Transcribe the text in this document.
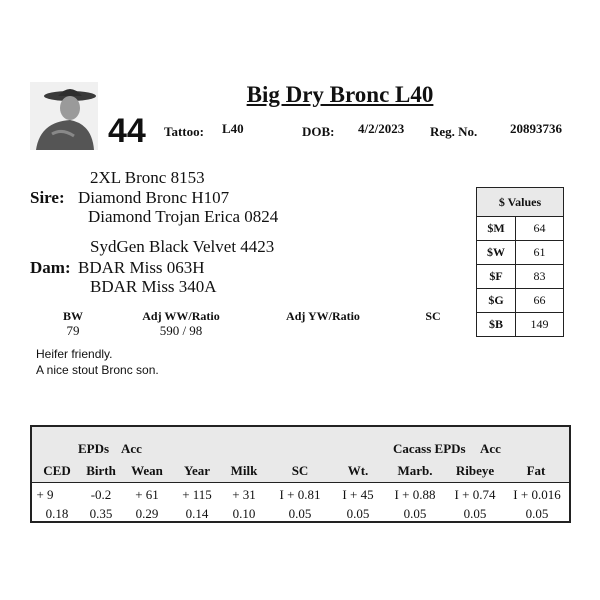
Big Dry Bronc L40
44 Tattoo: L40	DOB: 4/2/2023 Reg. No.	20893736
2XL Bronc 8153
Sire: Diamond Bronc H107
Diamond Trojan Erica 0824
SydGen Black Velvet 4423
Dam: BDAR Miss 063H
BDAR Miss 340A
BW	Adj WW/Ratio	Adj YW/Ratio	SC
79	590 / 98
Heifer friendly.
A nice stout Bronc son.
$ Values	
$M	64
$W	61
$F	83
$G	66
$B	149
EPDs Acc	Cacass EPDs Acc
CED	Birth	Wean	Year	Milk	SC	Wt.	Marb.	Ribeye	Fat
+ 9	-0.2	+ 61	+ 115	+ 31	I + 0.81	I + 45	I + 0.88	I + 0.74	I + 0.016
0.18	0.35	0.29	0.14	0.10	0.05	0.05	0.05	0.05	0.05
